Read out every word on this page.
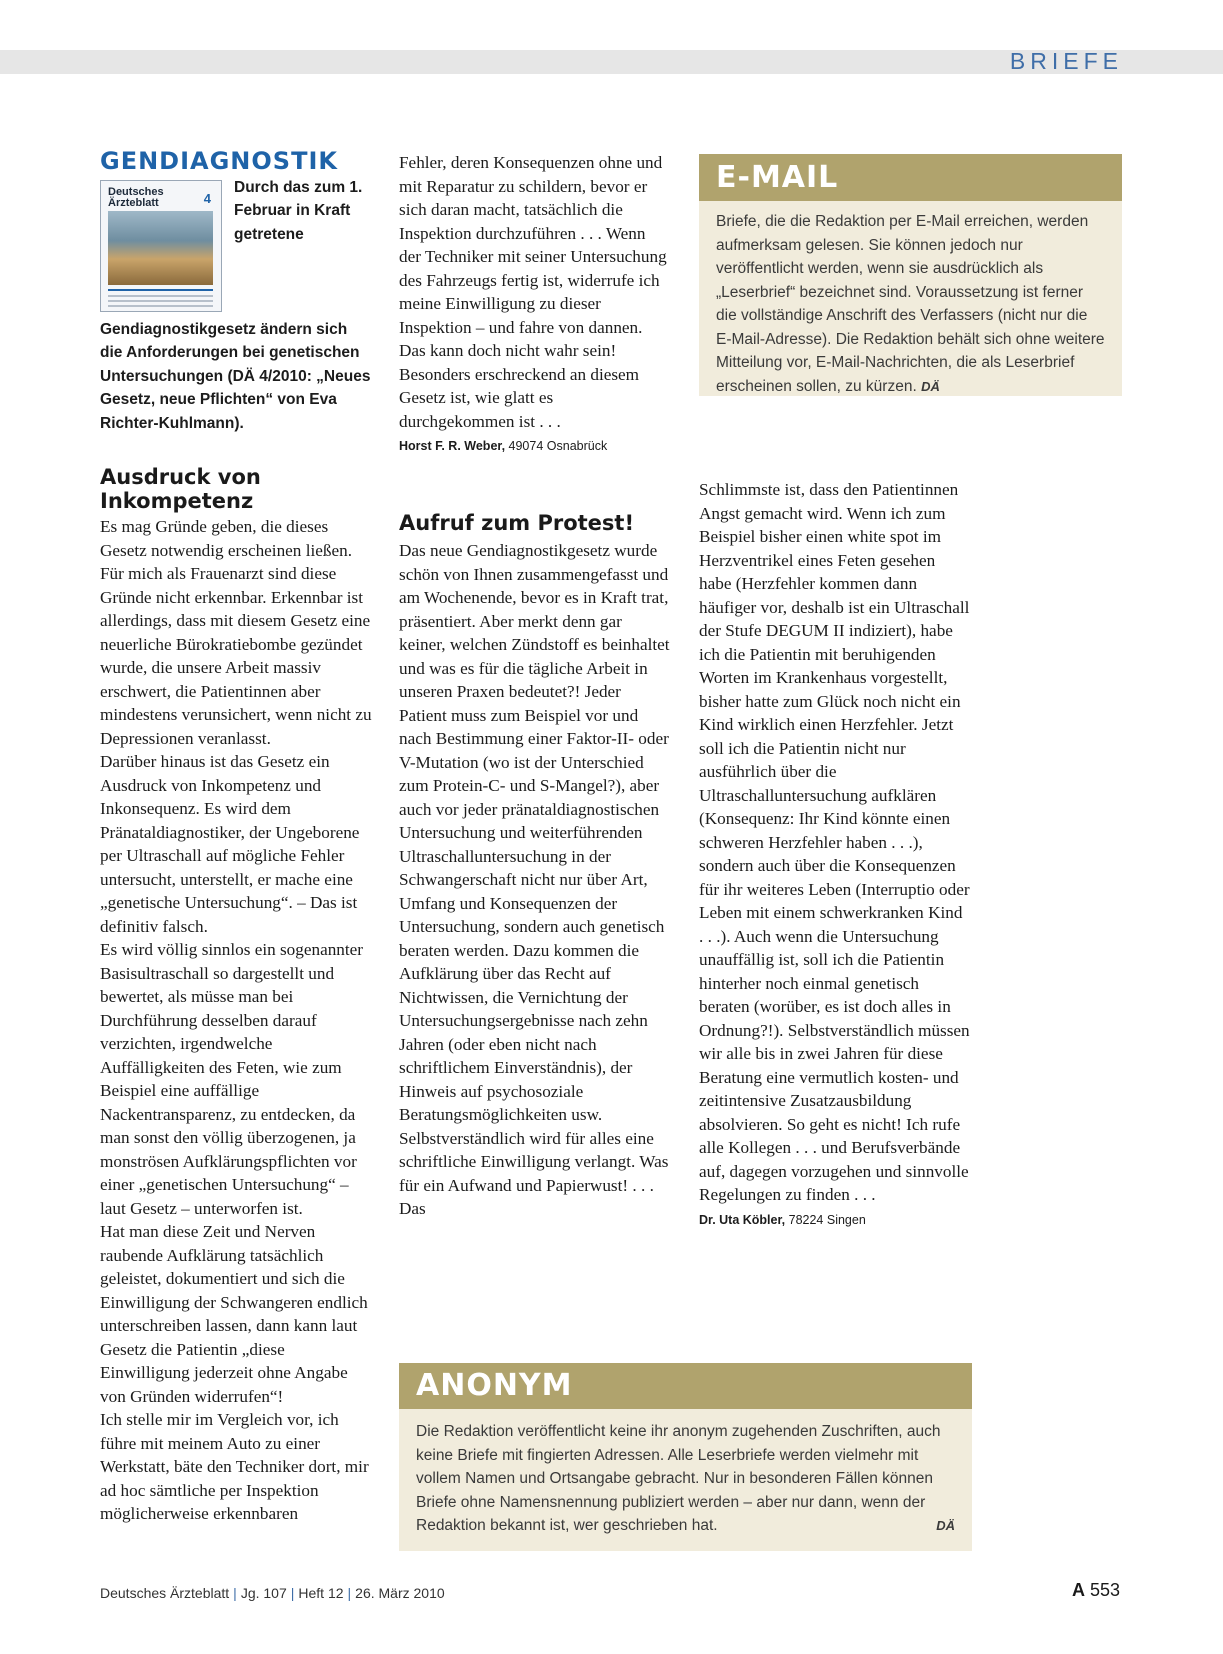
BRIEFE
GENDIAGNOSTIK
Deutsches
Ärzteblatt	4

Durch das zum 1. Februar in Kraft getretene Gendiagnostikgesetz ändern sich die Anforderungen bei genetischen Untersuchungen (DÄ 4/2010: „Neues Gesetz, neue Pflichten“ von Eva Richter-Kuhlmann).

Ausdruck von Inkompetenz

Es mag Gründe geben, die dieses Gesetz notwendig erscheinen ließen. Für mich als Frauenarzt sind diese Gründe nicht erkennbar. Erkennbar ist allerdings, dass mit diesem Gesetz eine neuerliche Bürokratiebombe gezündet wurde, die unsere Arbeit massiv erschwert, die Patientinnen aber mindestens verunsichert, wenn nicht zu Depressionen veranlasst.

Darüber hinaus ist das Gesetz ein Ausdruck von Inkompetenz und Inkonsequenz. Es wird dem Pränataldiagnostiker, der Ungeborene per Ultraschall auf mögliche Fehler untersucht, unterstellt, er mache eine „genetische Untersuchung“. – Das ist definitiv falsch.

Es wird völlig sinnlos ein sogenannter Basisultraschall so dargestellt und bewertet, als müsse man bei Durchführung desselben darauf verzichten, irgendwelche Auffälligkeiten des Feten, wie zum Beispiel eine auffällige Nackentransparenz, zu entdecken, da man sonst den völlig überzogenen, ja monströsen Aufklärungspflichten vor einer „genetischen Untersuchung“ – laut Gesetz – unterworfen ist.

Hat man diese Zeit und Nerven raubende Aufklärung tatsächlich geleistet, dokumentiert und sich die Einwilligung der Schwangeren endlich unterschreiben lassen, dann kann laut Gesetz die Patientin „diese Einwilligung jederzeit ohne Angabe von Gründen widerrufen“!

Ich stelle mir im Vergleich vor, ich führe mit meinem Auto zu einer Werkstatt, bäte den Techniker dort, mir ad hoc sämtliche per Inspektion möglicherweise erkennbaren

Fehler, deren Konsequenzen ohne und mit Reparatur zu schildern, bevor er sich daran macht, tatsächlich die Inspektion durchzuführen . . . Wenn der Techniker mit seiner Untersuchung des Fahrzeugs fertig ist, widerrufe ich meine Einwilligung zu dieser Inspektion – und fahre von dannen.

Das kann doch nicht wahr sein! Besonders erschreckend an diesem Gesetz ist, wie glatt es durchgekommen ist . . .

Horst F. R. Weber, 49074 Osnabrück
Aufruf zum Protest!

Das neue Gendiagnostikgesetz wurde schön von Ihnen zusammengefasst und am Wochenende, bevor es in Kraft trat, präsentiert. Aber merkt denn gar keiner, welchen Zündstoff es beinhaltet und was es für die tägliche Arbeit in unseren Praxen bedeutet?! Jeder Patient muss zum Beispiel vor und nach Bestimmung einer Faktor-II- oder V-Mutation (wo ist der Unterschied zum Protein-C- und S-Mangel?), aber auch vor jeder pränataldiagnostischen Untersuchung und weiterführenden Ultraschalluntersuchung in der Schwangerschaft nicht nur über Art, Umfang und Konsequenzen der Untersuchung, sondern auch genetisch beraten werden. Dazu kommen die Aufklärung über das Recht auf Nichtwissen, die Vernichtung der Untersuchungsergebnisse nach zehn Jahren (oder eben nicht nach schriftlichem Einverständnis), der Hinweis auf psychosoziale Beratungsmöglichkeiten usw. Selbstverständlich wird für alles eine schriftliche Einwilligung verlangt. Was für ein Aufwand und Papierwust! . . . Das

E-MAIL
Briefe, die die Redaktion per E-Mail erreichen, werden aufmerksam gelesen. Sie können jedoch nur veröffentlicht werden, wenn sie ausdrücklich als „Leserbrief“ bezeichnet sind. Voraussetzung ist ferner die vollständige Anschrift des Verfassers (nicht nur die E-Mail-Adresse). Die Redaktion behält sich ohne weitere Mitteilung vor, E-Mail-Nachrichten, die als Leserbrief erscheinen sollen, zu kürzen. DÄ

Schlimmste ist, dass den Patientinnen Angst gemacht wird. Wenn ich zum Beispiel bisher einen white spot im Herzventrikel eines Feten gesehen habe (Herzfehler kommen dann häufiger vor, deshalb ist ein Ultraschall der Stufe DEGUM II indiziert), habe ich die Patientin mit beruhigenden Worten im Krankenhaus vorgestellt, bisher hatte zum Glück noch nicht ein Kind wirklich einen Herzfehler. Jetzt soll ich die Patientin nicht nur ausführlich über die Ultraschalluntersuchung aufklären (Konsequenz: Ihr Kind könnte einen schweren Herzfehler haben . . .), sondern auch über die Konsequenzen für ihr weiteres Leben (Interruptio oder Leben mit einem schwerkranken Kind . . .). Auch wenn die Untersuchung unauffällig ist, soll ich die Patientin hinterher noch einmal genetisch beraten (worüber, es ist doch alles in Ordnung?!). Selbstverständlich müssen wir alle bis in zwei Jahren für diese Beratung eine vermutlich kosten- und zeitintensive Zusatzausbildung absolvieren. So geht es nicht! Ich rufe alle Kollegen . . . und Berufsverbände auf, dagegen vorzugehen und sinnvolle Regelungen zu finden . . .

Dr. Uta Köbler, 78224 Singen
ANONYM
Die Redaktion veröffentlicht keine ihr anonym zugehenden Zuschriften, auch keine Briefe mit fingierten Adressen. Alle Leserbriefe werden vielmehr mit vollem Namen und Ortsangabe gebracht. Nur in besonderen Fällen können Briefe ohne Namensnennung publiziert werden – aber nur dann, wenn der Redaktion bekannt ist, wer geschrieben hat.	DÄ
Deutsches Ärzteblatt | Jg. 107 | Heft 12 | 26. März 2010	A 553
